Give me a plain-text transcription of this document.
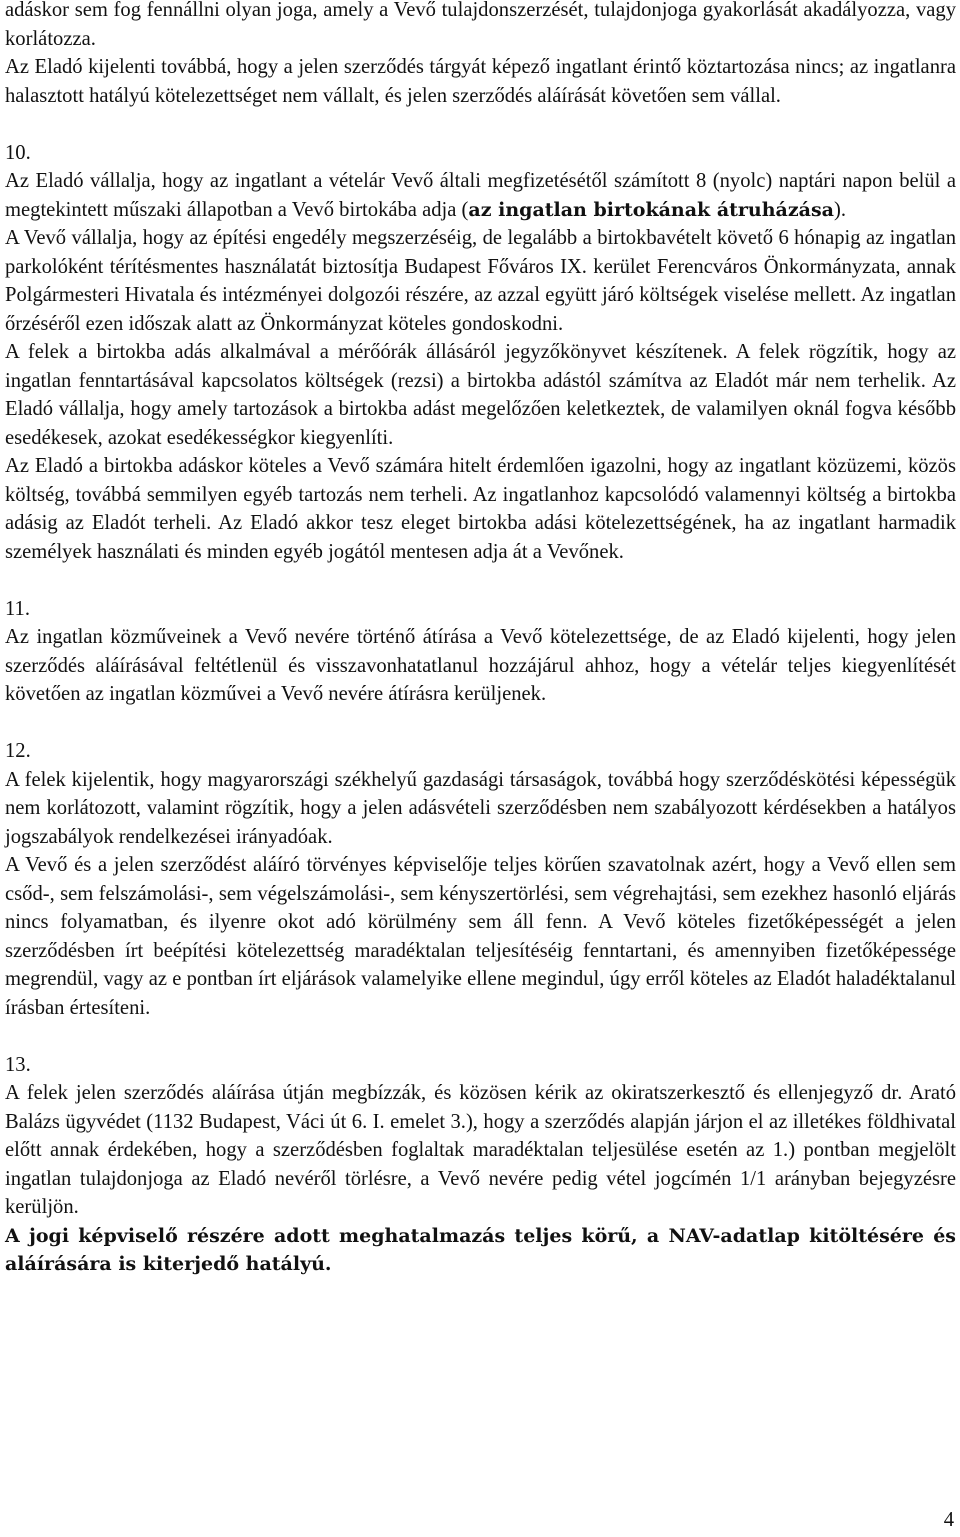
adáskor sem fog fennállni olyan joga, amely a Vevő tulajdonszerzését, tulajdonjoga gyakorlását akadályozza, vagy korlátozza.

Az Eladó kijelenti továbbá, hogy a jelen szerződés tárgyát képező ingatlant érintő köztartozása nincs; az ingatlanra halasztott hatályú kötelezettséget nem vállalt, és jelen szerződés aláírását követően sem vállal.

10.

Az Eladó vállalja, hogy az ingatlant a vételár Vevő általi megfizetésétől számított 8 (nyolc) naptári napon belül a megtekintett műszaki állapotban a Vevő birtokába adja (az ingatlan birtokának átruházása).

A Vevő vállalja, hogy az építési engedély megszerzéséig, de legalább a birtokbavételt követő 6 hónapig az ingatlan parkolóként térítésmentes használatát biztosítja Budapest Főváros IX. kerület Ferencváros Önkormányzata, annak Polgármesteri Hivatala és intézményei dolgozói részére, az azzal együtt járó költségek viselése mellett. Az ingatlan őrzéséről ezen időszak alatt az Önkormányzat köteles gondoskodni.

A felek a birtokba adás alkalmával a mérőórák állásáról jegyzőkönyvet készítenek. A felek rögzítik, hogy az ingatlan fenntartásával kapcsolatos költségek (rezsi) a birtokba adástól számítva az Eladót már nem terhelik. Az Eladó vállalja, hogy amely tartozások a birtokba adást megelőzően keletkeztek, de valamilyen oknál fogva később esedékesek, azokat esedékességkor kiegyenlíti.

Az Eladó a birtokba adáskor köteles a Vevő számára hitelt érdemlően igazolni, hogy az ingatlant közüzemi, közös költség, továbbá semmilyen egyéb tartozás nem terheli. Az ingatlanhoz kapcsolódó valamennyi költség a birtokba adásig az Eladót terheli. Az Eladó akkor tesz eleget birtokba adási kötelezettségének, ha az ingatlant harmadik személyek használati és minden egyéb jogától mentesen adja át a Vevőnek.

11.

Az ingatlan közműveinek a Vevő nevére történő átírása a Vevő kötelezettsége, de az Eladó kijelenti, hogy jelen szerződés aláírásával feltétlenül és visszavonhatatlanul hozzájárul ahhoz, hogy a vételár teljes kiegyenlítését követően az ingatlan közművei a Vevő nevére átírásra kerüljenek.

12.

A felek kijelentik, hogy magyarországi székhelyű gazdasági társaságok, továbbá hogy szerződéskötési képességük nem korlátozott, valamint rögzítik, hogy a jelen adásvételi szerződésben nem szabályozott kérdésekben a hatályos jogszabályok rendelkezései irányadóak.

A Vevő és a jelen szerződést aláíró törvényes képviselője teljes körűen szavatolnak azért, hogy a Vevő ellen sem csőd-, sem felszámolási-, sem végelszámolási-, sem kényszertörlési, sem végrehajtási, sem ezekhez hasonló eljárás nincs folyamatban, és ilyenre okot adó körülmény sem áll fenn. A Vevő köteles fizetőképességét a jelen szerződésben írt beépítési kötelezettség maradéktalan teljesítéséig fenntartani, és amennyiben fizetőképessége megrendül, vagy az e pontban írt eljárások valamelyike ellene megindul, úgy erről köteles az Eladót haladéktalanul írásban értesíteni.

13.

A felek jelen szerződés aláírása útján megbízzák, és közösen kérik az okiratszerkesztő és ellenjegyző dr. Arató Balázs ügyvédet (1132 Budapest, Váci út 6. I. emelet 3.), hogy a szerződés alapján járjon el az illetékes földhivatal előtt annak érdekében, hogy a szerződésben foglaltak maradéktalan teljesülése esetén az 1.) pontban megjelölt ingatlan tulajdonjoga az Eladó nevéről törlésre, a Vevő nevére pedig vétel jogcímén 1/1 arányban bejegyzésre kerüljön.

A jogi képviselő részére adott meghatalmazás teljes körű, a NAV-adatlap kitöltésére és aláírására is kiterjedő hatályú.

4
